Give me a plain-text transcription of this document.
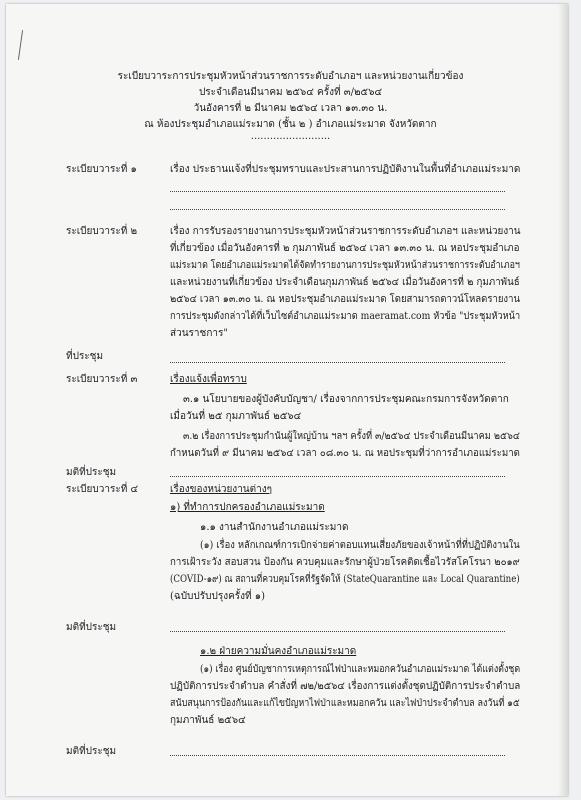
ระเบียบวาระการประชุมหัวหน้าส่วนราชการระดับอำเภอฯ และหน่วยงานเกี่ยวข้อง
ประจำเดือนมีนาคม ๒๕๖๔ ครั้งที่ ๓/๒๕๖๔
วันอังคารที่ ๒ มีนาคม ๒๕๖๔ เวลา ๑๓.๓๐ น.
ณ ห้องประชุมอำเภอแม่ระมาด (ชั้น ๒ ) อำเภอแม่ระมาด จังหวัดตาก
.........................
ระเบียบวาระที่ ๑	เรื่อง ประธานแจ้งที่ประชุมทราบและประสานการปฏิบัติงานในพื้นที่อำเภอแม่ระมาด
ระเบียบวาระที่ ๒	เรื่อง การรับรองรายงานการประชุมหัวหน้าส่วนราชการระดับอำเภอฯ และหน่วยงาน
ที่เกี่ยวข้อง เมื่อวันอังคารที่ ๒ กุมภาพันธ์ ๒๕๖๔ เวลา ๑๓.๓๐ น. ณ หอประชุมอำเภอ
แม่ระมาด โดยอำเภอแม่ระมาดได้จัดทำรายงานการประชุมหัวหน้าส่วนราชการระดับอำเภอฯ
และหน่วยงานที่เกี่ยวข้อง ประจำเดือนกุมภาพันธ์ ๒๕๖๔ เมื่อวันอังคารที่ ๒ กุมภาพันธ์
๒๕๖๔ เวลา ๑๓.๓๐ น. ณ หอประชุมอำเภอแม่ระมาด โดยสามารถดาวน์โหลดรายงาน
การประชุมดังกล่าวได้ที่เว็บไซต์อำเภอแม่ระมาด maeramat.com หัวข้อ "ประชุมหัวหน้า
ส่วนราชการ"
ที่ประชุม
ระเบียบวาระที่ ๓	เรื่องแจ้งเพื่อทราบ
๓.๑ นโยบายของผู้บังคับบัญชา/ เรื่องจากการประชุมคณะกรมการจังหวัดตาก
เมื่อวันที่ ๒๕ กุมภาพันธ์ ๒๕๖๔
๓.๒ เรื่องการประชุมกำนันผู้ใหญ่บ้าน ฯลฯ ครั้งที่ ๓/๒๕๖๔ ประจำเดือนมีนาคม ๒๕๖๔
กำหนดวันที่ ๙ มีนาคม ๒๕๖๔ เวลา ๐๘.๓๐ น. ณ หอประชุมที่ว่าการอำเภอแม่ระมาด
มติที่ประชุม
ระเบียบวาระที่ ๔	เรื่องของหน่วยงานต่างๆ
๑) ที่ทำการปกครองอำเภอแม่ระมาด
๑.๑ งานสำนักงานอำเภอแม่ระมาด
(๑) เรื่อง หลักเกณฑ์การเบิกจ่ายค่าตอบแทนเสี่ยงภัยของเจ้าหน้าที่ที่ปฏิบัติงานใน
การเฝ้าระวัง สอบสวน ป้องกัน ควบคุมและรักษาผู้ป่วยโรคติดเชื้อไวรัสโคโรนา ๒๐๑๙
(COVID-๑๙) ณ สถานที่ควบคุมโรคที่รัฐจัดให้ (StateQuarantine และ Local Quarantine)
(ฉบับปรับปรุงครั้งที่ ๑)
มติที่ประชุม
๑.๒ ฝ่ายความมั่นคงอำเภอแม่ระมาด
(๑) เรื่อง ศูนย์บัญชาการเหตุการณ์ไฟป่าและหมอกควันอำเภอแม่ระมาด ได้แต่งตั้งชุด
ปฏิบัติการประจำตำบล คำสั่งที่ ๗๒/๒๕๖๔ เรื่องการแต่งตั้งชุดปฏิบัติการประจำตำบล
สนับสนุนการป้องกันและแก้ไขปัญหาไฟป่าและหมอกควัน และไฟป่าประจำตำบล ลงวันที่ ๑๕
กุมภาพันธ์ ๒๕๖๔
มติที่ประชุม
